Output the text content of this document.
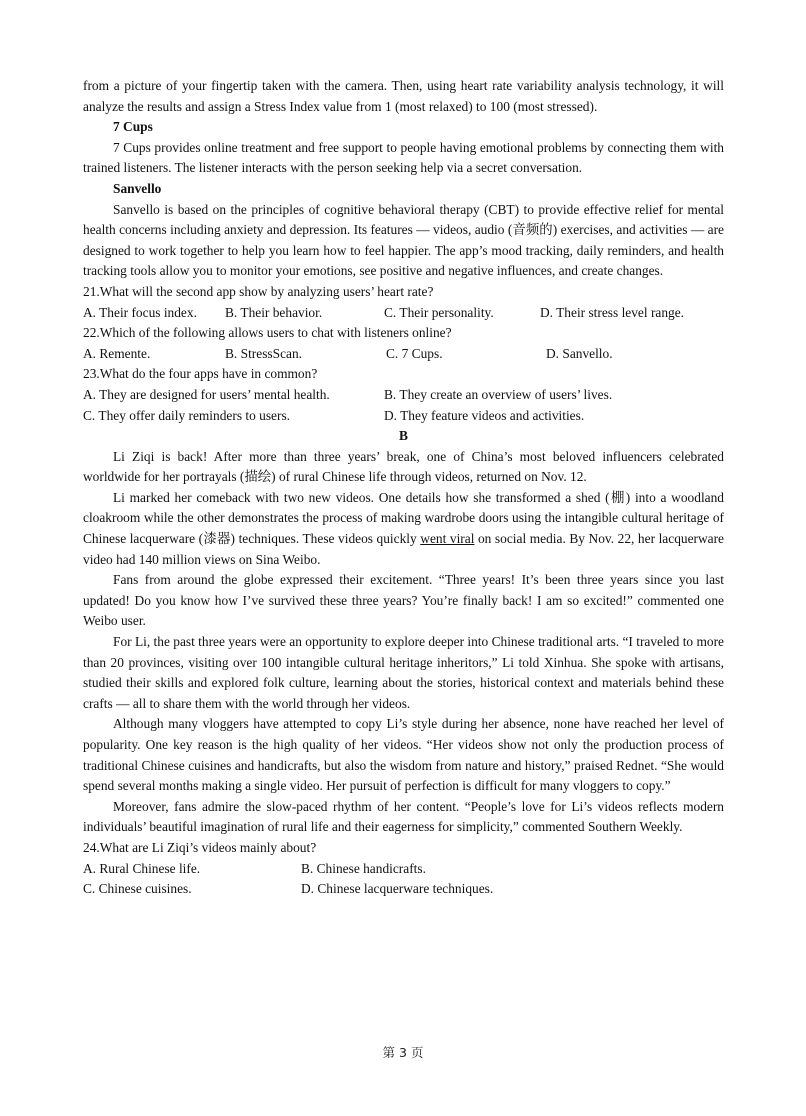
from a picture of your fingertip taken with the camera. Then, using heart rate variability analysis technology, it will analyze the results and assign a Stress Index value from 1 (most relaxed) to 100 (most stressed).

7 Cups

7 Cups provides online treatment and free support to people having emotional problems by connecting them with trained listeners. The listener interacts with the person seeking help via a secret conversation.

Sanvello

Sanvello is based on the principles of cognitive behavioral therapy (CBT) to provide effective relief for mental health concerns including anxiety and depression. Its features — videos, audio (音频的) exercises, and activities — are designed to work together to help you learn how to feel happier. The app’s mood tracking, daily reminders, and health tracking tools allow you to monitor your emotions, see positive and negative influences, and create changes.

21.What will the second app show by analyzing users’ heart rate?

A. Their focus index. B. Their behavior.	C. Their personality.	D. Their stress level range.

22.Which of the following allows users to chat with listeners online?

A. Remente.	B. StressScan.	C. 7 Cups.	D. Sanvello.

23.What do the four apps have in common?

A. They are designed for users’ mental health.	B. They create an overview of users’ lives.
C. They offer daily reminders to users.	D. They feature videos and activities.

B

Li Ziqi is back! After more than three years’ break, one of China’s most beloved influencers celebrated worldwide for her portrayals (描绘) of rural Chinese life through videos, returned on Nov. 12.

Li marked her comeback with two new videos. One details how she transformed a shed (棚) into a woodland cloakroom while the other demonstrates the process of making wardrobe doors using the intangible cultural heritage of Chinese lacquerware (漆器) techniques. These videos quickly went viral on social media. By Nov. 22, her lacquerware video had 140 million views on Sina Weibo.

Fans from around the globe expressed their excitement. “Three years! It’s been three years since you last updated! Do you know how I’ve survived these three years? You’re finally back! I am so excited!” commented one Weibo user.

For Li, the past three years were an opportunity to explore deeper into Chinese traditional arts. “I traveled to more than 20 provinces, visiting over 100 intangible cultural heritage inheritors,” Li told Xinhua. She spoke with artisans, studied their skills and explored folk culture, learning about the stories, historical context and materials behind these crafts — all to share them with the world through her videos.

Although many vloggers have attempted to copy Li’s style during her absence, none have reached her level of popularity. One key reason is the high quality of her videos. “Her videos show not only the production process of traditional Chinese cuisines and handicrafts, but also the wisdom from nature and history,” praised Rednet. “She would spend several months making a single video. Her pursuit of perfection is difficult for many vloggers to copy.”

Moreover, fans admire the slow-paced rhythm of her content. “People’s love for Li’s videos reflects modern individuals’ beautiful imagination of rural life and their eagerness for simplicity,” commented Southern Weekly.

24.What are Li Ziqi’s videos mainly about?

A. Rural Chinese life.	B. Chinese handicrafts.
C. Chinese cuisines.	D. Chinese lacquerware techniques.
第 3 页
